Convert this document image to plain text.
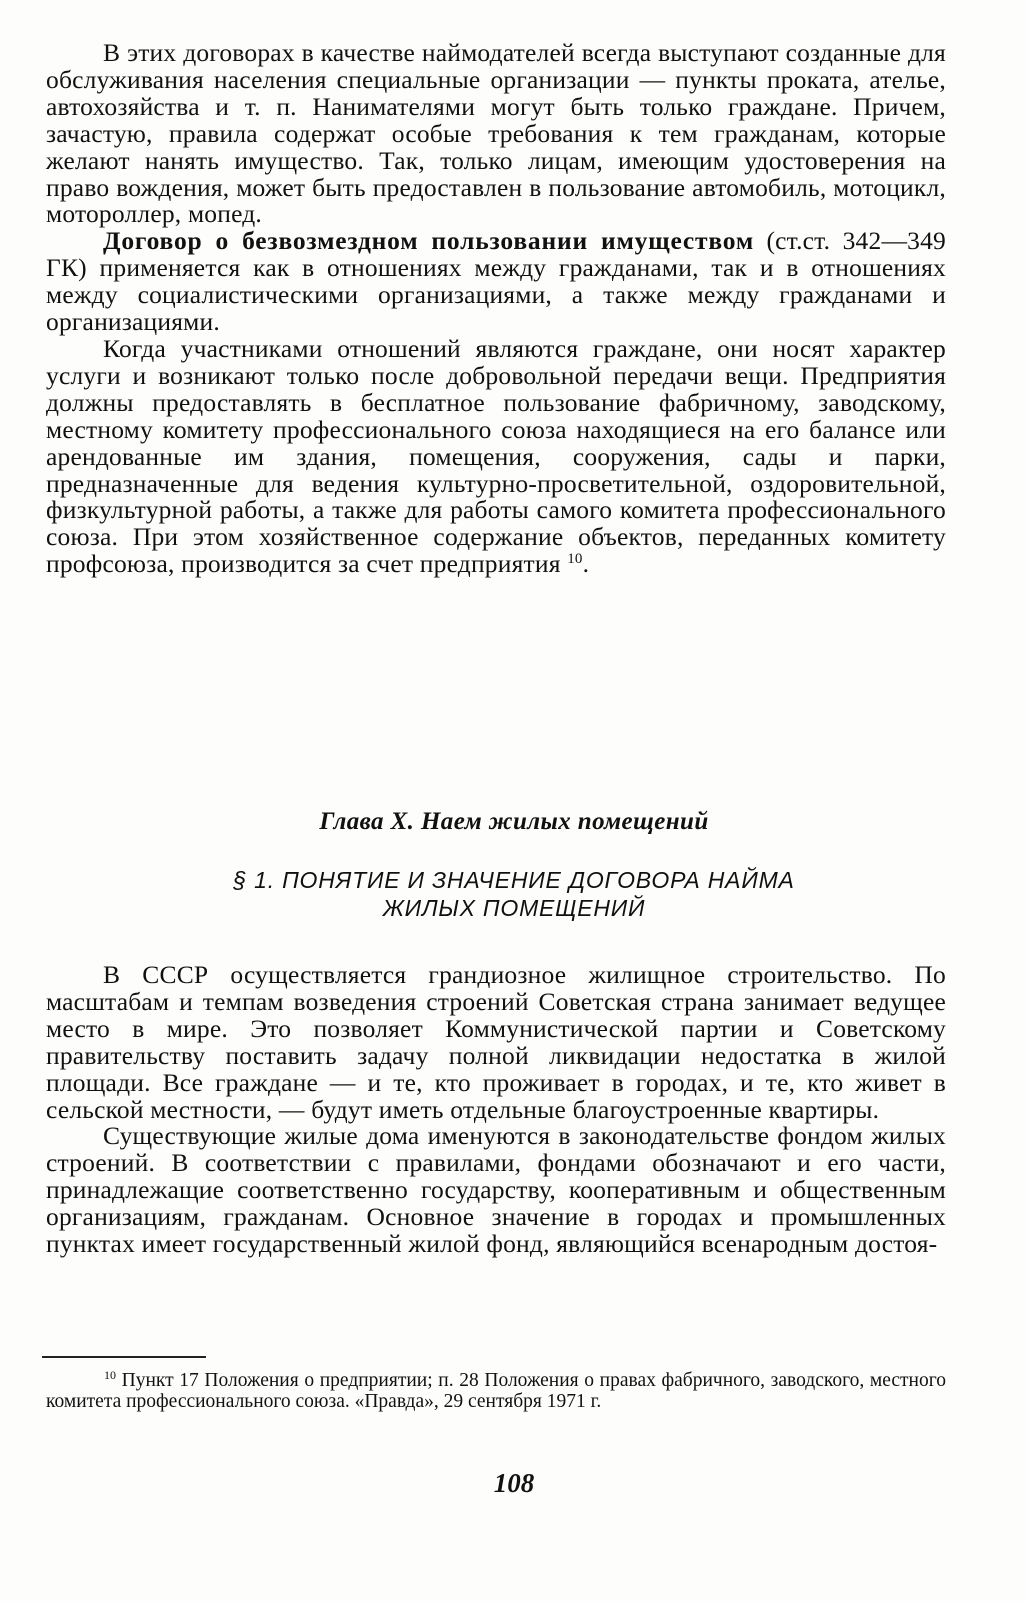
В этих договорах в качестве наймодателей всегда выступают созданные для обслуживания населения специальные организации — пункты проката, ателье, автохозяйства и т. п. Нанимателями могут быть только граждане. Причем, зачастую, правила содержат особые требования к тем гражданам, которые желают нанять имущество. Так, только лицам, имеющим удостоверения на право вождения, может быть предоставлен в пользование автомобиль, мотоцикл, мотороллер, мопед.

Договор о безвозмездном пользовании имуществом (ст.ст. 342—349 ГК) применяется как в отношениях между гражданами, так и в отношениях между социалистическими организациями, а также между гражданами и организациями.

Когда участниками отношений являются граждане, они носят характер услуги и возникают только после добровольной передачи вещи. Предприятия должны предоставлять в бесплатное пользование фабричному, заводскому, местному комитету профессионального союза находящиеся на его балансе или арендованные им здания, помещения, сооружения, сады и парки, предназначенные для ведения культурно-просветительной, оздоровительной, физкультурной работы, а также для работы самого комитета профессионального союза. При этом хозяйственное содержание объектов, переданных комитету профсоюза, производится за счет предприятия $^{10}$.

Глава X. Наем жилых помещений

§ 1. ПОНЯТИЕ И ЗНАЧЕНИЕ ДОГОВОРА НАЙМА
ЖИЛЫХ ПОМЕЩЕНИЙ

В СССР осуществляется грандиозное жилищное строительство. По масштабам и темпам возведения строений Советская страна занимает ведущее место в мире. Это позволяет Коммунистической партии и Советскому правительству поставить задачу полной ликвидации недостатка в жилой площади. Все граждане — и те, кто проживает в городах, и те, кто живет в сельской местности, — будут иметь отдельные благоустроенные квартиры.

Существующие жилые дома именуются в законодательстве фондом жилых строений. В соответствии с правилами, фондами обозначают и его части, принадлежащие соответственно государству, кооперативным и общественным организациям, гражданам. Основное значение в городах и промышленных пунктах имеет государственный жилой фонд, являющийся всенародным достоя-

$^{10}$ Пункт 17 Положения о предприятии; п. 28 Положения о правах фабричного, заводского, местного комитета профессионального союза. «Правда», 29 сентября 1971 г.

108
